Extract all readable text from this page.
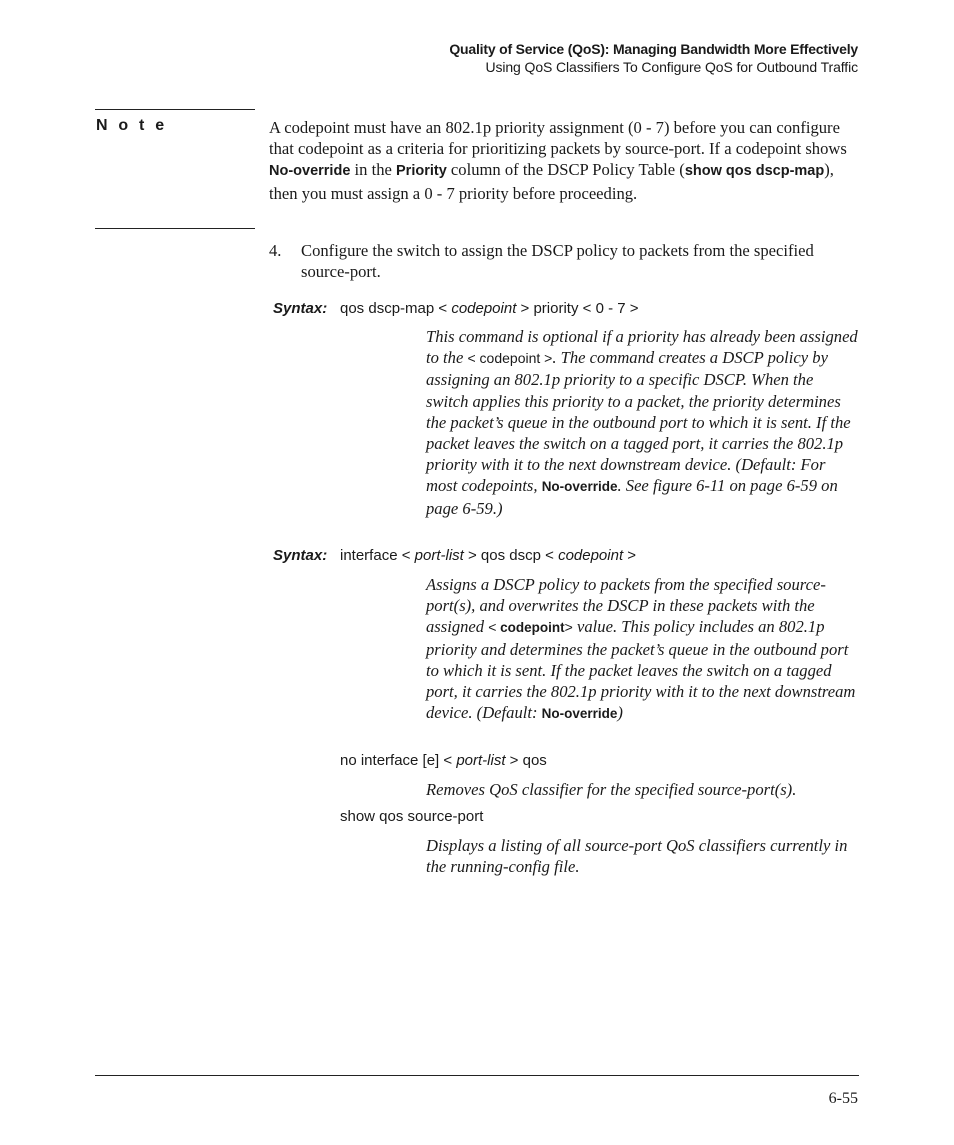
Quality of Service (QoS): Managing Bandwidth More Effectively
Using QoS Classifiers To Configure QoS for Outbound Traffic
N o t e	A codepoint must have an 802.1p priority assignment (0 - 7) before you can configure that codepoint as a criteria for prioritizing packets by source-port. If a codepoint shows No-override in the Priority column of the DSCP Policy Table (show qos dscp-map), then you must assign a 0 - 7 priority before proceeding.
4. Configure the switch to assign the DSCP policy to packets from the specified source-port.
Syntax: qos dscp-map < codepoint > priority < 0 - 7 >
This command is optional if a priority has already been assigned to the < codepoint >. The command creates a DSCP policy by assigning an 802.1p priority to a specific DSCP. When the switch applies this priority to a packet, the priority determines the packet’s queue in the outbound port to which it is sent. If the packet leaves the switch on a tagged port, it carries the 802.1p priority with it to the next downstream device. (Default: For most codepoints, No-override. See figure 6-11 on page 6-59 on page 6-59.)
Syntax: interface < port-list > qos dscp < codepoint >
Assigns a DSCP policy to packets from the specified source-port(s), and overwrites the DSCP in these packets with the assigned < codepoint> value. This policy includes an 802.1p priority and determines the packet’s queue in the outbound port to which it is sent. If the packet leaves the switch on a tagged port, it carries the 802.1p priority with it to the next downstream device. (Default: No-override)
no interface [e] < port-list > qos
Removes QoS classifier for the specified source-port(s).
show qos source-port
Displays a listing of all source-port QoS classifiers currently in the running-config file.
6-55
